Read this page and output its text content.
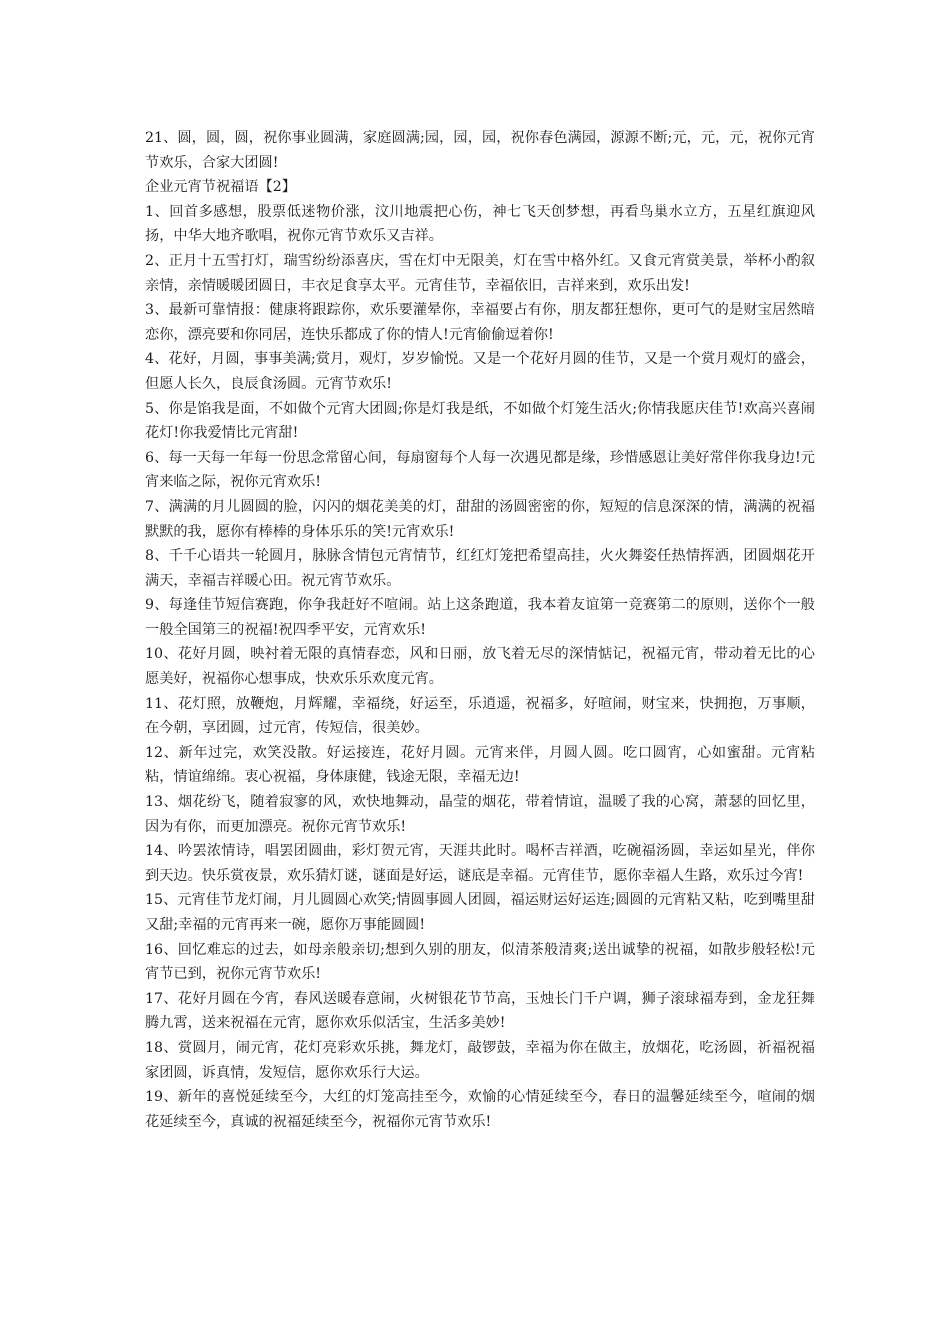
21、圆，圆，圆，祝你事业圆满，家庭圆满;园，园，园，祝你春色满园，源源不断;元，元，元，祝你元宵节欢乐，合家大团圆!

企业元宵节祝福语【2】

1、回首多感想，股票低迷物价涨，汶川地震把心伤，神七飞天创梦想，再看鸟巢水立方，五星红旗迎风扬，中华大地齐歌唱，祝你元宵节欢乐又吉祥。

2、正月十五雪打灯，瑞雪纷纷添喜庆，雪在灯中无限美，灯在雪中格外红。又食元宵赏美景，举杯小酌叙亲情，亲情暖暖团圆日，丰衣足食享太平。元宵佳节，幸福依旧，吉祥来到，欢乐出发!

3、最新可靠情报：健康将跟踪你，欢乐要灌晕你，幸福要占有你，朋友都狂想你，更可气的是财宝居然暗恋你，漂亮要和你同居，连快乐都成了你的情人!元宵偷偷逗着你!

4、花好，月圆，事事美满;赏月，观灯，岁岁愉悦。又是一个花好月圆的佳节，又是一个赏月观灯的盛会，但愿人长久，良辰食汤圆。元宵节欢乐!

5、你是馅我是面，不如做个元宵大团圆;你是灯我是纸，不如做个灯笼生活火;你情我愿庆佳节!欢高兴喜闹花灯!你我爱情比元宵甜!

6、每一天每一年每一份思念常留心间，每扇窗每个人每一次遇见都是缘，珍惜感恩让美好常伴你我身边!元宵来临之际，祝你元宵欢乐!

7、满满的月儿圆圆的脸，闪闪的烟花美美的灯，甜甜的汤圆密密的你，短短的信息深深的情，满满的祝福默默的我，愿你有棒棒的身体乐乐的笑!元宵欢乐!

8、千千心语共一轮圆月，脉脉含情包元宵情节，红红灯笼把希望高挂，火火舞姿任热情挥洒，团圆烟花开满天，幸福吉祥暖心田。祝元宵节欢乐。

9、每逢佳节短信赛跑，你争我赶好不喧闹。站上这条跑道，我本着友谊第一竞赛第二的原则，送你个一般一般全国第三的祝福!祝四季平安，元宵欢乐!

10、花好月圆，映衬着无限的真情春恋，风和日丽，放飞着无尽的深情惦记，祝福元宵，带动着无比的心愿美好，祝福你心想事成，快欢乐乐欢度元宵。

11、花灯照，放鞭炮，月辉耀，幸福绕，好运至，乐逍遥，祝福多，好喧闹，财宝来，快拥抱，万事顺，在今朝，享团圆，过元宵，传短信，很美妙。

12、新年过完，欢笑没散。好运接连，花好月圆。元宵来伴，月圆人圆。吃口圆宵，心如蜜甜。元宵粘粘，情谊绵绵。衷心祝福，身体康健，钱途无限，幸福无边!

13、烟花纷飞，随着寂寥的风，欢快地舞动，晶莹的烟花，带着情谊，温暖了我的心窝，萧瑟的回忆里，因为有你，而更加漂亮。祝你元宵节欢乐!

14、吟罢浓情诗，唱罢团圆曲，彩灯贺元宵，天涯共此时。喝杯吉祥酒，吃碗福汤圆，幸运如星光，伴你到天边。快乐赏夜景，欢乐猜灯谜，谜面是好运，谜底是幸福。元宵佳节，愿你幸福人生路，欢乐过今宵!

15、元宵佳节龙灯闹，月儿圆圆心欢笑;情圆事圆人团圆，福运财运好运连;圆圆的元宵粘又粘，吃到嘴里甜又甜;幸福的元宵再来一碗，愿你万事能圆圆!

16、回忆难忘的过去，如母亲般亲切;想到久别的朋友，似清茶般清爽;送出诚挚的祝福，如散步般轻松!元宵节已到，祝你元宵节欢乐!

17、花好月圆在今宵，春风送暖春意闹，火树银花节节高，玉烛长门千户调，狮子滚球福寿到，金龙狂舞腾九霄，送来祝福在元宵，愿你欢乐似活宝，生活多美妙!

18、赏圆月，闹元宵，花灯亮彩欢乐挑，舞龙灯，敲锣鼓，幸福为你在做主，放烟花，吃汤圆，祈福祝福家团圆，诉真情，发短信，愿你欢乐行大运。

19、新年的喜悦延续至今，大红的灯笼高挂至今，欢愉的心情延续至今，春日的温馨延续至今，喧闹的烟花延续至今，真诚的祝福延续至今，祝福你元宵节欢乐!
